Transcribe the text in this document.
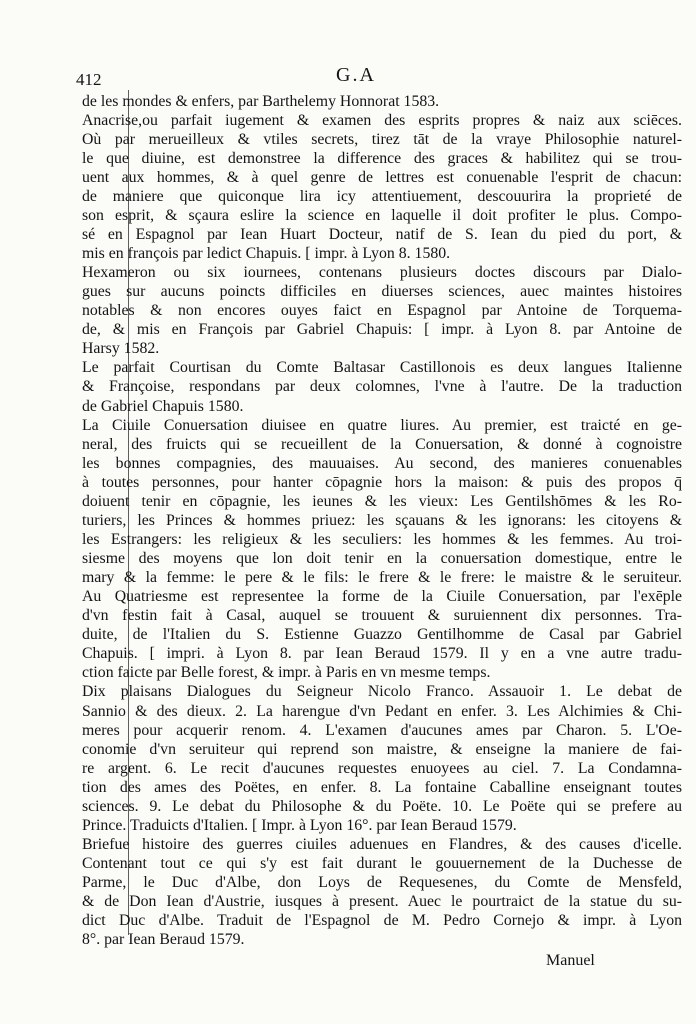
412	G.A
de les mondes & enfers, par Barthelemy Honnorat 1583.
Anacrise,ou parfait iugement & examen des esprits propres & naiz aux sciēces.
Où par merueilleux & vtiles secrets, tirez tāt de la vraye Philosophie naturel-
le que diuine, est demonstree la difference des graces & habilitez qui se trou-
uent aux hommes, & à quel genre de lettres est conuenable l'esprit de chacun:
de maniere que quiconque lira icy attentiuement, descouurira la proprieté de
son esprit, & sçaura eslire la science en laquelle il doit profiter le plus. Compo-
sé en Espagnol par Iean Huart Docteur, natif de S. Iean du pied du port, &
mis en françois par ledict Chapuis. [ impr. à Lyon 8. 1580.
Hexameron ou six iournees, contenans plusieurs doctes discours par Dialo-
gues sur aucuns poincts difficiles en diuerses sciences, auec maintes histoires
notables & non encores ouyes faict en Espagnol par Antoine de Torquema-
de, & mis en François par Gabriel Chapuis: [ impr. à Lyon 8. par Antoine de
Harsy 1582.
Le parfait Courtisan du Comte Baltasar Castillonois es deux langues Italienne
& Françoise, respondans par deux colomnes, l'vne à l'autre. De la traduction
de Gabriel Chapuis 1580.
La Ciuile Conuersation diuisee en quatre liures. Au premier, est traicté en ge-
neral, des fruicts qui se recueillent de la Conuersation, & donné à cognoistre
les bonnes compagnies, des mauuaises. Au second, des manieres conuenables
à toutes personnes, pour hanter cōpagnie hors la maison: & puis des propos q̄
doiuent tenir en cōpagnie, les ieunes & les vieux: Les Gentilshōmes & les Ro-
turiers, les Princes & hommes priuez: les sçauans & les ignorans: les citoyens &
les Estrangers: les religieux & les seculiers: les hommes & les femmes. Au troi-
siesme des moyens que lon doit tenir en la conuersation domestique, entre le
mary & la femme: le pere & le fils: le frere & le frere: le maistre & le seruiteur.
Au Quatriesme est representee la forme de la Ciuile Conuersation, par l'exēple
d'vn festin fait à Casal, auquel se trouuent & suruiennent dix personnes. Tra-
duite, de l'Italien du S. Estienne Guazzo Gentilhomme de Casal par Gabriel
Chapuis. [ impri. à Lyon 8. par Iean Beraud 1579. Il y en a vne autre tradu-
ction faicte par Belle forest, & impr. à Paris en vn mesme temps.
Dix plaisans Dialogues du Seigneur Nicolo Franco. Assauoir 1. Le debat de
Sannio & des dieux. 2. La harengue d'vn Pedant en enfer. 3. Les Alchimies & Chi-
meres pour acquerir renom. 4. L'examen d'aucunes ames par Charon. 5. L'Oe-
conomie d'vn seruiteur qui reprend son maistre, & enseigne la maniere de fai-
re argent. 6. Le recit d'aucunes requestes enuoyees au ciel. 7. La Condamna-
tion des ames des Poëtes, en enfer. 8. La fontaine Caballine enseignant toutes
sciences. 9. Le debat du Philosophe & du Poëte. 10. Le Poëte qui se prefere au
Prince. Traduicts d'Italien. [ Impr. à Lyon 16°. par Iean Beraud 1579.
Briefue histoire des guerres ciuiles aduenues en Flandres, & des causes d'icelle.
Contenant tout ce qui s'y est fait durant le gouuernement de la Duchesse de
Parme, le Duc d'Albe, don Loys de Requesenes, du Comte de Mensfeld,
& de Don Iean d'Austrie, iusques à present. Auec le pourtraict de la statue du su-
dict Duc d'Albe. Traduit de l'Espagnol de M. Pedro Cornejo & impr. à Lyon
8°. par Iean Beraud 1579.
Manuel
